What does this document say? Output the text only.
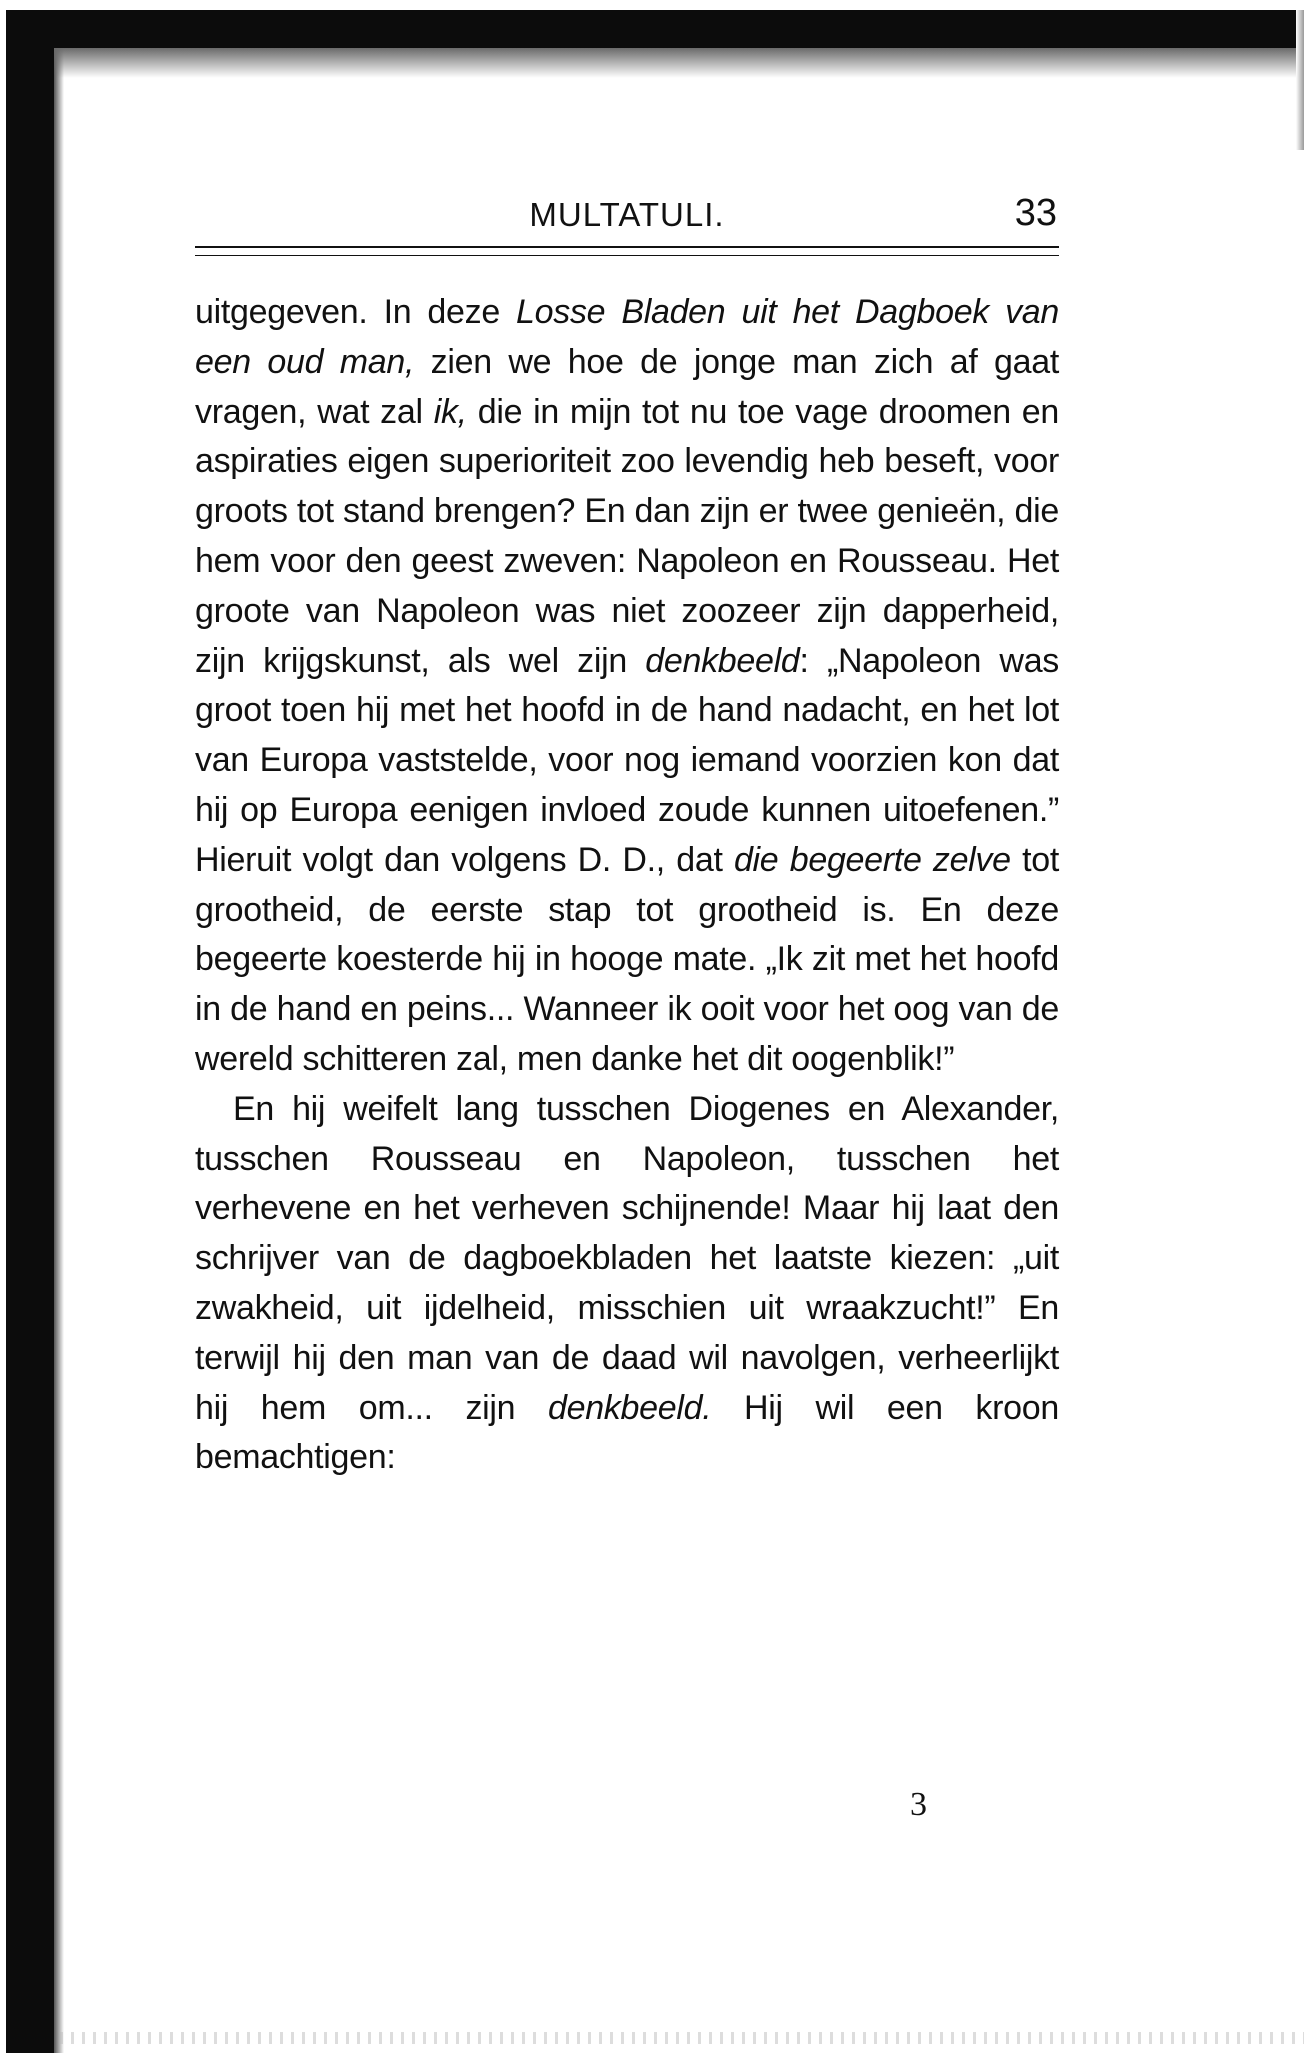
MULTATULI.	33

uitgegeven. In deze Losse Bladen uit het Dagboek van een oud man, zien we hoe de jonge man zich af gaat vragen, wat zal ik, die in mijn tot nu toe vage droomen en aspiraties eigen superioriteit zoo levendig heb beseft, voor groots tot stand brengen? En dan zijn er twee genieën, die hem voor den geest zweven: Napoleon en Rousseau. Het groote van Napoleon was niet zoozeer zijn dapperheid, zijn krijgskunst, als wel zijn denkbeeld: „Napoleon was groot toen hij met het hoofd in de hand nadacht, en het lot van Europa vaststelde, voor nog iemand voorzien kon dat hij op Europa eenigen invloed zoude kunnen uitoefenen.” Hieruit volgt dan volgens D. D., dat die begeerte zelve tot grootheid, de eerste stap tot grootheid is. En deze begeerte koesterde hij in hooge mate. „Ik zit met het hoofd in de hand en peins... Wanneer ik ooit voor het oog van de wereld schitteren zal, men danke het dit oogenblik!”

En hij weifelt lang tusschen Diogenes en Alexander, tusschen Rousseau en Napoleon, tusschen het verhevene en het verheven schijnende! Maar hij laat den schrijver van de dagboekbladen het laatste kiezen: „uit zwakheid, uit ijdelheid, misschien uit wraakzucht!” En terwijl hij den man van de daad wil navolgen, verheerlijkt hij hem om... zijn denkbeeld. Hij wil een kroon bemachtigen:

3
